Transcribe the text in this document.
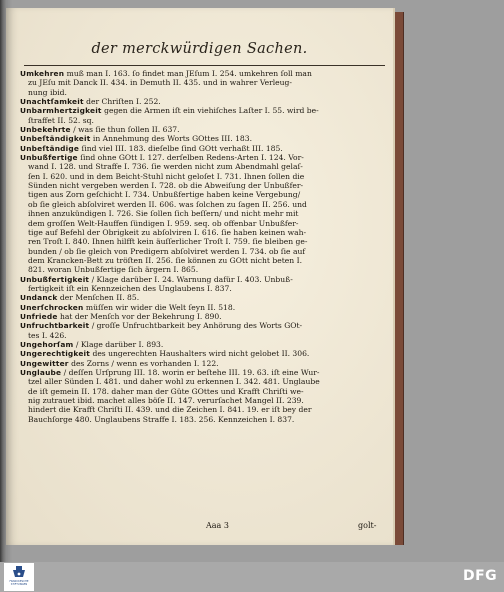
der merckwürdigen Sachen.
Umkehren muß man I. 163. ſo findet man JEſum I. 254. umkehren ſoll man
zu JEſu mit Danck II. 434. in Demuth II. 435. und in wahrer Verleug-
nung ibid.
Unachtſamkeit der Chriſten I. 252.
Unbarmhertzigkeit gegen die Armen iſt ein viehiſches Laſter I. 55. wird be-
ſtraffet II. 52. sq.
Unbekehrte / was ſie thun ſollen II. 637.
Unbeſtändigkeit in Annehmung des Worts GOttes III. 183.
Unbeſtändige ſind viel III. 183. dieſelbe ſind GOtt verhaßt III. 185.
Unbußfertige ſind ohne GOtt I. 127. derſelben Redens-Arten I. 124. Vor-
wand I. 128. und Straffe I. 736. ſie werden nicht zum Abendmahl gelaſ-
ſen I. 620. und in dem Beicht-Stuhl nicht geloſet I. 731. Ihnen ſollen die
Sünden nicht vergeben werden I. 728. ob die Abweiſung der Unbußfer-
tigen aus Zorn geſchicht I. 734. Unbußfertige haben keine Vergebung/
ob ſie gleich abſolviret werden II. 606. was ſolchen zu ſagen II. 256. und
ihnen anzukündigen I. 726. Sie ſollen ſich beſſern/ und nicht mehr mit
dem groſſen Welt-Hauffen ſündigen I. 959. seq. ob offenbar Unbußfer-
tige auf Befehl der Obrigkeit zu abſolviren I. 616. ſie haben keinen wah-
ren Troſt I. 840. Ihnen hilfft kein äuſſerlicher Troſt I. 759. ſie bleiben ge-
bunden / ob ſie gleich von Predigern abſolviret werden I. 734. ob ſie auf
dem Krancken-Bett zu tröſten II. 256. ſie können zu GOtt nicht beten I.
821. woran Unbußfertige ſich ärgern I. 865.
Unbußfertigkeit / Klage darüber I. 24. Warnung dafür I. 403. Unbuß-
fertigkeit iſt ein Kennzeichen des Unglaubens I. 837.
Undanck der Menſchen II. 85.
Unerſchrocken müſſen wir wider die Welt ſeyn II. 518.
Unfriede hat der Menſch vor der Bekehrung I. 890.
Unfruchtbarkeit / groſſe Unfruchtbarkeit bey Anhörung des Worts GOt-
tes I. 426.
Ungehorſam / Klage darüber I. 893.
Ungerechtigkeit des ungerechten Haushalters wird nicht gelobet II. 306.
Ungewitter des Zorns / wenn es vorhanden I. 122.
Unglaube / deſſen Urſprung III. 18. worin er beſtehe III. 19. 63. iſt eine Wur-
tzel aller Sünden I. 481. und daher wohl zu erkennen I. 342. 481. Unglaube
de iſt gemein II. 178. daher man der Güte GOttes und Krafft Chriſti we-
nig zutrauet ibid. machet alles böſe II. 147. verurſachet Mangel II. 239.
hindert die Krafft Chriſti II. 439. und die Zeichen I. 841. 19. er iſt bey der
Bauchſorge 480. Unglaubens Straffe I. 183. 256. Kennzeichen I. 837.
Aaa 3	golt-
FRANCKESCHE STIFTUNGEN
DFG
